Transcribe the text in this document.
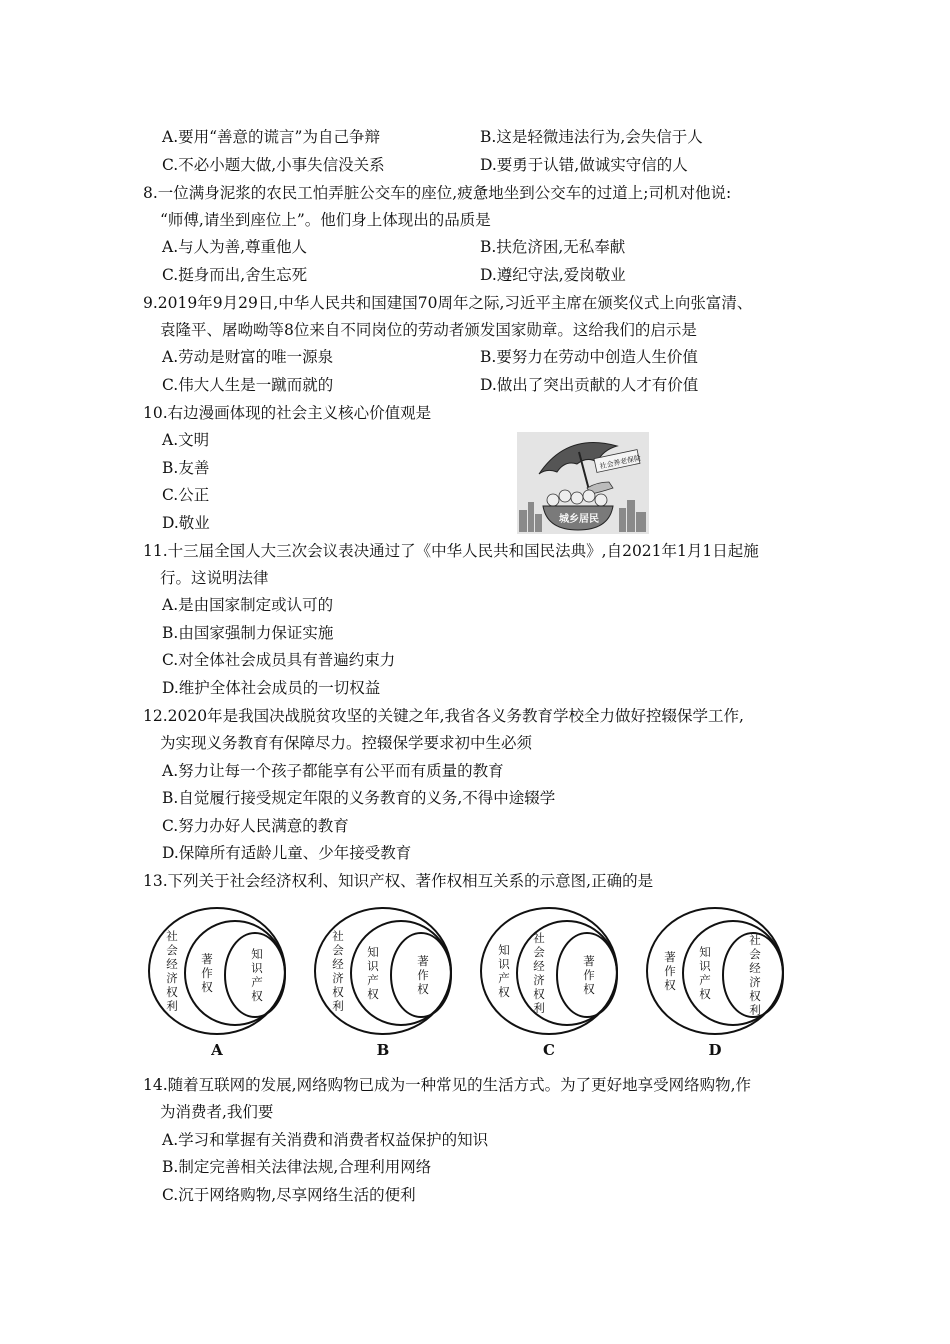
A.要用“善意的谎言”为自己争辩	B.这是轻微违法行为,会失信于人
C.不必小题大做,小事失信没关系	D.要勇于认错,做诚实守信的人
8.一位满身泥浆的农民工怕弄脏公交车的座位,疲惫地坐到公交车的过道上;司机对他说:
“师傅,请坐到座位上”。他们身上体现出的品质是
A.与人为善,尊重他人	B.扶危济困,无私奉献
C.挺身而出,舍生忘死	D.遵纪守法,爱岗敬业
9.2019年9月29日,中华人民共和国建国70周年之际,习近平主席在颁奖仪式上向张富清、
袁隆平、屠呦呦等8位来自不同岗位的劳动者颁发国家勋章。这给我们的启示是
A.劳动是财富的唯一源泉	B.要努力在劳动中创造人生价值
C.伟大人生是一蹴而就的	D.做出了突出贡献的人才有价值
10.右边漫画体现的社会主义核心价值观是
A.文明
B.友善
C.公正
D.敬业
社会养老保险
城乡居民
11.十三届全国人大三次会议表决通过了《中华人民共和国民法典》,自2021年1月1日起施
行。这说明法律
A.是由国家制定或认可的
B.由国家强制力保证实施
C.对全体社会成员具有普遍约束力
D.维护全体社会成员的一切权益
12.2020年是我国决战脱贫攻坚的关键之年,我省各义务教育学校全力做好控辍保学工作,
为实现义务教育有保障尽力。控辍保学要求初中生必须
A.努力让每一个孩子都能享有公平而有质量的教育
B.自觉履行接受规定年限的义务教育的义务,不得中途辍学
C.努力办好人民满意的教育
D.保障所有适龄儿童、少年接受教育
13.下列关于社会经济权利、知识产权、著作权相互关系的示意图,正确的是
社会经济权利
著作权
知识产权
A
社会经济权利
知识产权
著作权
B
知识产权
社会经济权利
著作权
C
著作权
知识产权
社会经济权利
D
14.随着互联网的发展,网络购物已成为一种常见的生活方式。为了更好地享受网络购物,作
为消费者,我们要
A.学习和掌握有关消费和消费者权益保护的知识
B.制定完善相关法律法规,合理利用网络
C.沉于网络购物,尽享网络生活的便利
